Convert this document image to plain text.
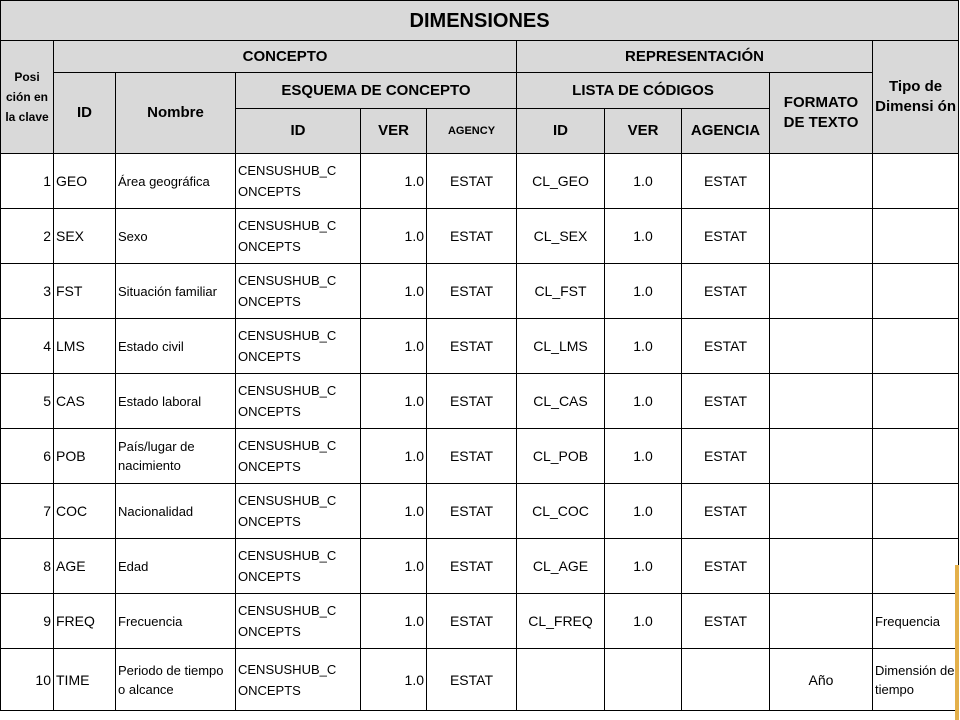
DIMENSIONES										
Posi ción en la clave	CONCEPTO					REPRESENTACIÓN				Tipo de Dimensi ón
	ID	Nombre	ESQUEMA DE CONCEPTO			LISTA DE CÓDIGOS			FORMATO DE TEXTO	
			ID	VER	AGENCY	ID	VER	AGENCIA		
1	GEO	Área geográfica	CENSUSHUB_C ONCEPTS	1.0	ESTAT	CL_GEO	1.0	ESTAT		
2	SEX	Sexo	CENSUSHUB_C ONCEPTS	1.0	ESTAT	CL_SEX	1.0	ESTAT		
3	FST	Situación familiar	CENSUSHUB_C ONCEPTS	1.0	ESTAT	CL_FST	1.0	ESTAT		
4	LMS	Estado civil	CENSUSHUB_C ONCEPTS	1.0	ESTAT	CL_LMS	1.0	ESTAT		
5	CAS	Estado laboral	CENSUSHUB_C ONCEPTS	1.0	ESTAT	CL_CAS	1.0	ESTAT		
6	POB	País/lugar de nacimiento	CENSUSHUB_C ONCEPTS	1.0	ESTAT	CL_POB	1.0	ESTAT		
7	COC	Nacionalidad	CENSUSHUB_C ONCEPTS	1.0	ESTAT	CL_COC	1.0	ESTAT		
8	AGE	Edad	CENSUSHUB_C ONCEPTS	1.0	ESTAT	CL_AGE	1.0	ESTAT		
9	FREQ	Frecuencia	CENSUSHUB_C ONCEPTS	1.0	ESTAT	CL_FREQ	1.0	ESTAT		Frequencia
10	TIME	Periodo de tiempo o alcance	CENSUSHUB_C ONCEPTS	1.0	ESTAT				Año	Dimensión de tiempo
